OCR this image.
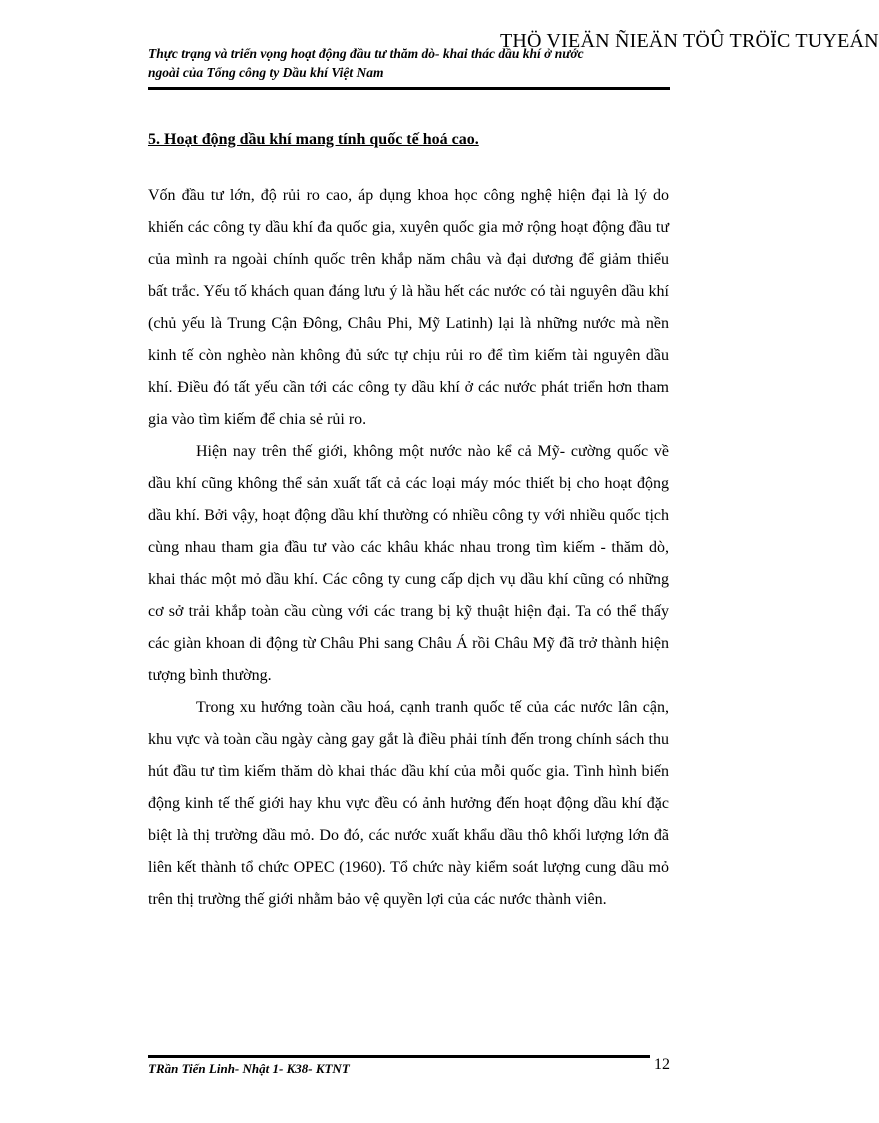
THÖ VIEÄN ÑIEÄN TÖÛ TRÖÏC TUYEÁN

Thực trạng và triển vọng hoạt động đầu tư thăm dò- khai thác dầu khí ở nước

ngoài của Tổng công ty Dầu khí Việt Nam

5. Hoạt động dầu khí mang tính quốc tế hoá cao.

Vốn đầu tư lớn, độ rủi ro cao, áp dụng khoa học công nghệ hiện đại là lý do khiến các công ty dầu khí đa quốc gia, xuyên quốc gia mở rộng hoạt động đầu tư của mình ra ngoài chính quốc trên khắp năm châu và đại dương để giảm thiểu bất trắc. Yếu tố khách quan đáng lưu ý là hầu hết các nước có tài nguyên dầu khí (chủ yếu là Trung Cận Đông, Châu Phi, Mỹ Latinh) lại là những nước mà nền kinh tế còn nghèo nàn không đủ sức tự chịu rủi ro để tìm kiếm tài nguyên dầu khí. Điều đó tất yếu cần tới các công ty dầu khí ở các nước phát triển hơn tham gia vào tìm kiếm để chia sẻ rủi ro.

Hiện nay trên thế giới, không một nước nào kể cả Mỹ- cường quốc về dầu khí cũng không thể sản xuất tất cả các loại máy móc thiết bị cho hoạt động dầu khí. Bởi vậy, hoạt động dầu khí thường có nhiều công ty với nhiều quốc tịch cùng nhau tham gia đầu tư vào các khâu khác nhau trong tìm kiếm - thăm dò, khai thác một mỏ dầu khí. Các công ty cung cấp dịch vụ dầu khí cũng có những cơ sở trải khắp toàn cầu cùng với các trang bị kỹ thuật hiện đại. Ta có thể thấy các giàn khoan di động từ Châu Phi sang Châu Á rồi Châu Mỹ đã trở thành hiện tượng bình thường.

Trong xu hướng toàn cầu hoá, cạnh tranh quốc tế của các nước lân cận, khu vực và toàn cầu ngày càng gay gắt là điều phải tính đến trong chính sách thu hút đầu tư tìm kiếm thăm dò khai thác dầu khí của mỗi quốc gia. Tình hình biến động kinh tế thế giới hay khu vực đều có ảnh hưởng đến hoạt động dầu khí đặc biệt là thị trường dầu mỏ. Do đó, các nước xuất khẩu dầu thô khối lượng lớn đã liên kết thành tổ chức OPEC (1960). Tổ chức này kiểm soát lượng cung dầu mỏ trên thị trường thế giới nhằm bảo vệ quyền lợi của các nước thành viên.

TRần Tiến Linh- Nhật 1- K38- KTNT	12
